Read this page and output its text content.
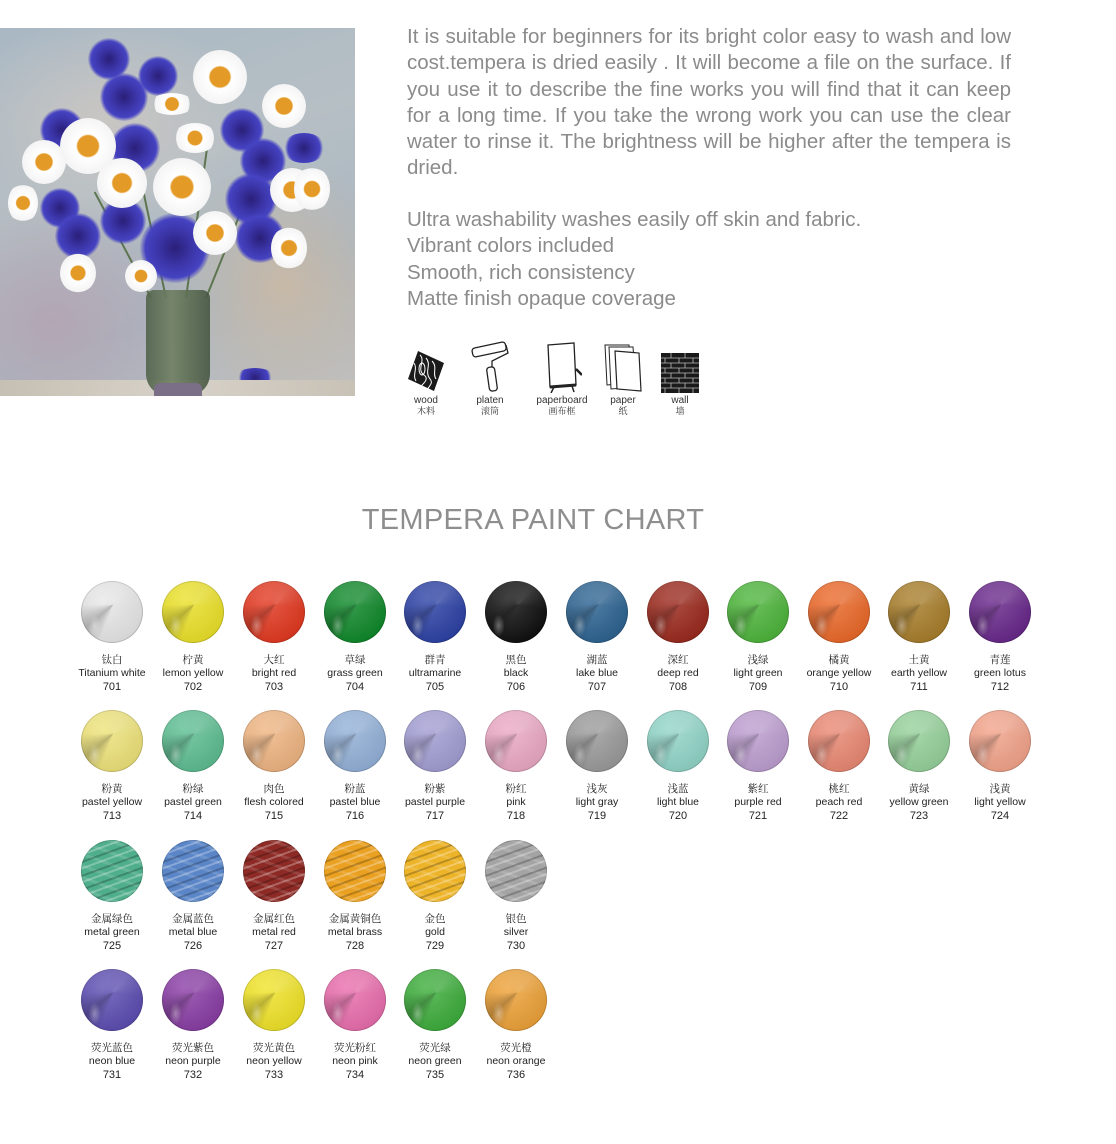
It is suitable for beginners for its bright color easy to wash and low cost.tempera is dried easily . It will become a file on the surface. If you use it to describe the fine works you will find that it can keep for a long time. If you take the wrong work you can use the clear water to rinse it. The brightness will be higher after the tempera is dried.

Ultra washability washes easily off skin and fabric.
Vibrant colors included
Smooth, rich consistency
Matte finish opaque coverage
wood
木料
platen
滚筒
paperboard
画布框
paper
纸
wall
墙
TEMPERA PAINT CHART
钛白
Titanium white
701
柠黄
lemon yellow
702
大红
bright red
703
草绿
grass green
704
群青
ultramarine
705
黑色
black
706
湖蓝
lake blue
707
深红
deep red
708
浅绿
light green
709
橘黄
orange yellow
710
土黄
earth yellow
711
青莲
green lotus
712
粉黄
pastel yellow
713
粉绿
pastel green
714
肉色
flesh colored
715
粉蓝
pastel blue
716
粉紫
pastel purple
717
粉红
pink
718
浅灰
light gray
719
浅蓝
light blue
720
紫红
purple red
721
桃红
peach red
722
黄绿
yellow green
723
浅黄
light yellow
724
金属绿色
metal green
725
金属蓝色
metal blue
726
金属红色
metal red
727
金属黄铜色
metal brass
728
金色
gold
729
银色
silver
730
荧光蓝色
neon blue
731
荧光紫色
neon purple
732
荧光黄色
neon yellow
733
荧光粉红
neon pink
734
荧光绿
neon green
735
荧光橙
neon orange
736
